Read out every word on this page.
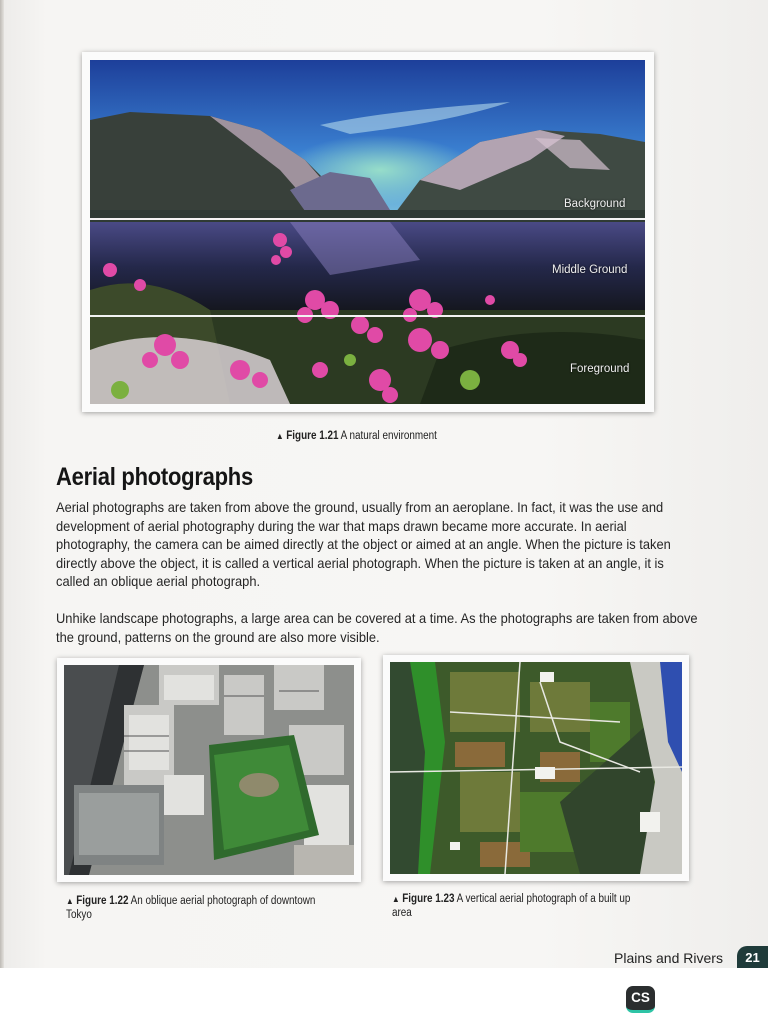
Background
Middle Ground
Foreground
▲ Figure 1.21 A natural environment
Aerial photographs

Aerial photographs are taken from above the ground, usually from an aeroplane. In fact, it was the use and development of aerial photography during the war that maps drawn became more accurate. In aerial photography, the camera can be aimed directly at the object or aimed at an angle. When the picture is taken directly above the object, it is called a vertical aerial photograph. When the picture is taken at an angle, it is called an oblique aerial photograph.

Unhike landscape photographs, a large area can be covered at a time. As the photographs are taken from above the ground, patterns on the ground are also more visible.

▲ Figure 1.22 An oblique aerial photograph of downtown
Tokyo
▲ Figure 1.23 A vertical aerial photograph of a built up
area
Plains and Rivers	21
CS
